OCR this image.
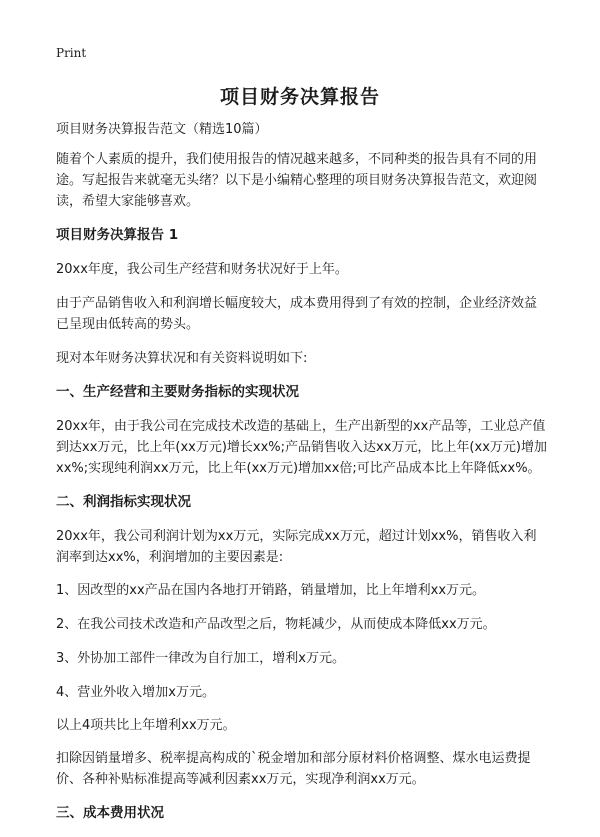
Print
项目财务决算报告

项目财务决算报告范文（精选10篇）

随着个人素质的提升，我们使用报告的情况越来越多，不同种类的报告具有不同的用途。写起报告来就毫无头绪？以下是小编精心整理的项目财务决算报告范文，欢迎阅读，希望大家能够喜欢。

项目财务决算报告 1

20xx年度，我公司生产经营和财务状况好于上年。

由于产品销售收入和利润增长幅度较大，成本费用得到了有效的控制，企业经济效益已呈现由低转高的势头。

现对本年财务决算状况和有关资料说明如下:

一、生产经营和主要财务指标的实现状况

20xx年，由于我公司在完成技术改造的基础上，生产出新型的xx产品等，工业总产值到达xx万元，比上年(xx万元)增长xx%;产品销售收入达xx万元，比上年(xx万元)增加xx%;实现纯利润xx万元，比上年(xx万元)增加xx倍;可比产品成本比上年降低xx%。

二、利润指标实现状况

20xx年，我公司利润计划为xx万元，实际完成xx万元，超过计划xx%，销售收入利润率到达xx%，利润增加的主要因素是:

1、因改型的xx产品在国内各地打开销路，销量增加，比上年增利xx万元。

2、在我公司技术改造和产品改型之后，物耗减少，从而使成本降低xx万元。

3、外协加工部件一律改为自行加工，增利x万元。

4、营业外收入增加x万元。

以上4项共比上年增利xx万元。

扣除因销量增多、税率提高构成的`税金增加和部分原材料价格调整、煤水电运费提价、各种补贴标准提高等减利因素xx万元，实现净利润xx万元。

三、成本费用状况
